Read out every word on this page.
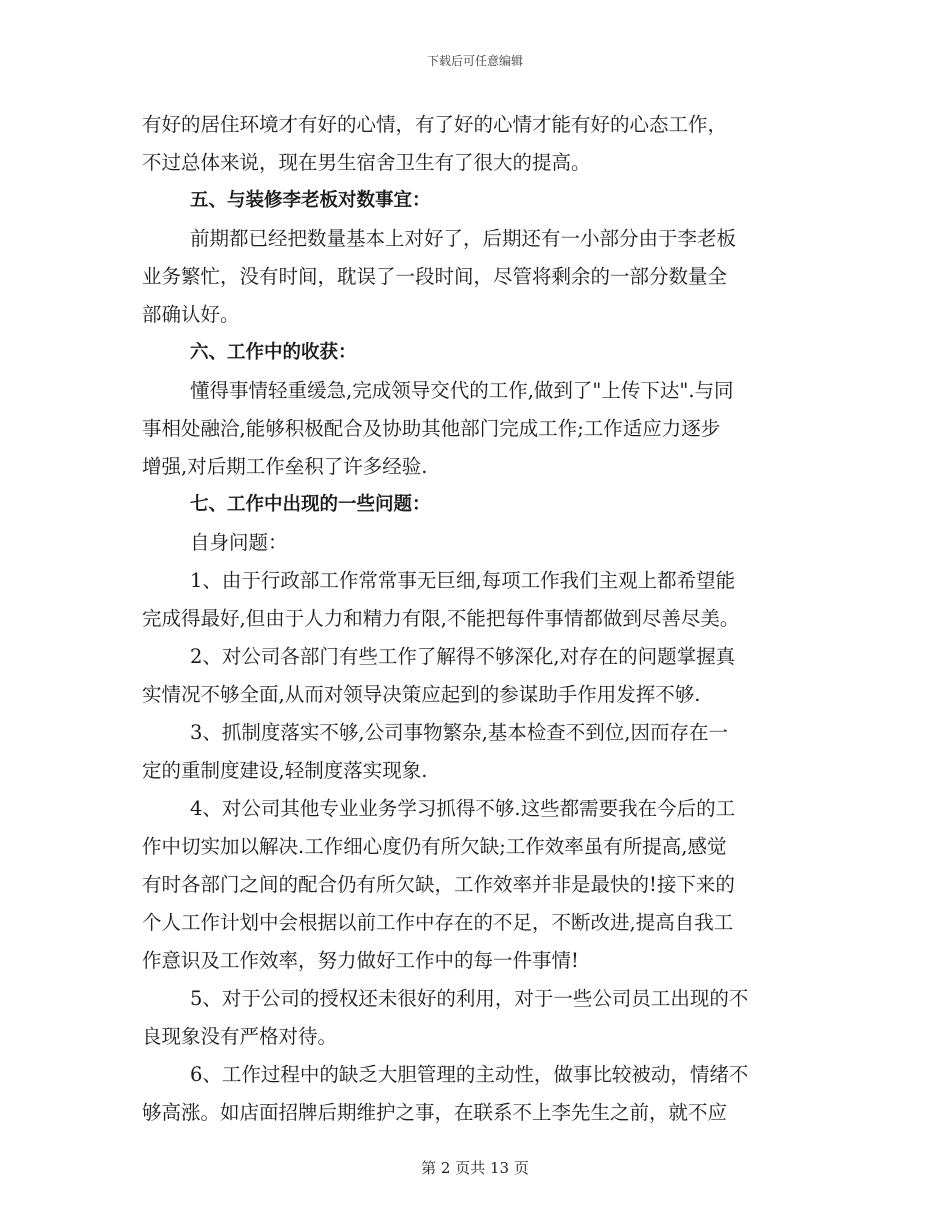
下载后可任意编辑

有好的居住环境才有好的心情，有了好的心情才能有好的心态工作，

不过总体来说，现在男生宿舍卫生有了很大的提高。

五、与装修李老板对数事宜：

前期都已经把数量基本上对好了，后期还有一小部分由于李老板

业务繁忙，没有时间，耽误了一段时间，尽管将剩余的一部分数量全

部确认好。

六、工作中的收获：

懂得事情轻重缓急,完成领导交代的工作,做到了"上传下达".与同

事相处融洽,能够积极配合及协助其他部门完成工作;工作适应力逐步

增强,对后期工作垒积了许多经验.

七、工作中出现的一些问题：

自身问题：

1、由于行政部工作常常事无巨细,每项工作我们主观上都希望能

完成得最好,但由于人力和精力有限,不能把每件事情都做到尽善尽美。

2、对公司各部门有些工作了解得不够深化,对存在的问题掌握真

实情况不够全面,从而对领导决策应起到的参谋助手作用发挥不够.

3、抓制度落实不够,公司事物繁杂,基本检查不到位,因而存在一

定的重制度建设,轻制度落实现象.

4、对公司其他专业业务学习抓得不够.这些都需要我在今后的工

作中切实加以解决.工作细心度仍有所欠缺;工作效率虽有所提高,感觉

有时各部门之间的配合仍有所欠缺，工作效率并非是最快的!接下来的

个人工作计划中会根据以前工作中存在的不足，不断改进,提高自我工

作意识及工作效率，努力做好工作中的每一件事情!

5、对于公司的授权还未很好的利用，对于一些公司员工出现的不

良现象没有严格对待。

6、工作过程中的缺乏大胆管理的主动性，做事比较被动，情绪不

够高涨。如店面招牌后期维护之事，在联系不上李先生之前，就不应

第 2 页共 13 页
